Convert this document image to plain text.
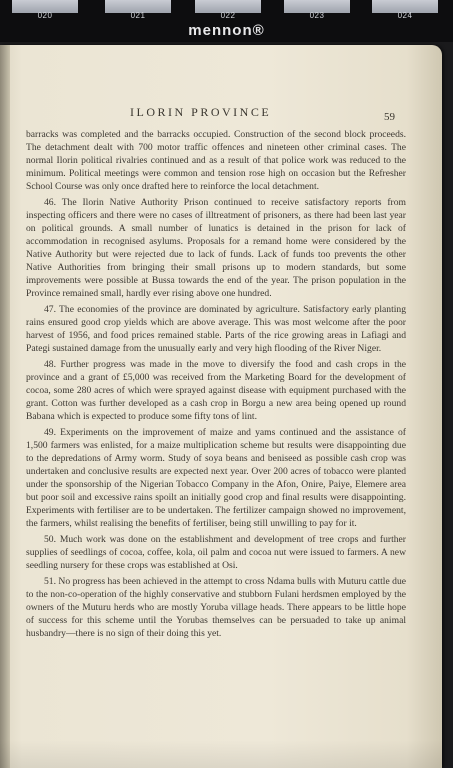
020	021	022	023	024
mennon®
ILORIN PROVINCE	59

barracks was completed and the barracks occupied. Construction of the second block proceeds. The detachment dealt with 700 motor traffic offences and nineteen other criminal cases. The normal Ilorin political rivalries continued and as a result of that police work was reduced to the minimum. Political meetings were common and tension rose high on occasion but the Refresher School Course was only once drafted here to reinforce the local detachment.

46. The Ilorin Native Authority Prison continued to receive satisfactory reports from inspecting officers and there were no cases of illtreatment of prisoners, as there had been last year on political grounds. A small number of lunatics is detained in the prison for lack of accommodation in recognised asylums. Proposals for a remand home were considered by the Native Authority but were rejected due to lack of funds. Lack of funds too prevents the other Native Authorities from bringing their small prisons up to modern standards, but some improvements were possible at Bussa towards the end of the year. The prison population in the Province remained small, hardly ever rising above one hundred.

47. The economies of the province are dominated by agriculture. Satisfactory early planting rains ensured good crop yields which are above average. This was most welcome after the poor harvest of 1956, and food prices remained stable. Parts of the rice growing areas in Lafiagi and Pategi sustained damage from the unusually early and very high flooding of the River Niger.

48. Further progress was made in the move to diversify the food and cash crops in the province and a grant of £5,000 was received from the Marketing Board for the development of cocoa, some 280 acres of which were sprayed against disease with equipment purchased with the grant. Cotton was further developed as a cash crop in Borgu a new area being opened up round Babana which is expected to produce some fifty tons of lint.

49. Experiments on the improvement of maize and yams continued and the assistance of 1,500 farmers was enlisted, for a maize multiplication scheme but results were disappointing due to the depredations of Army worm. Study of soya beans and beniseed as possible cash crop was undertaken and conclusive results are expected next year. Over 200 acres of tobacco were planted under the sponsorship of the Nigerian Tobacco Company in the Afon, Onire, Paiye, Elemere area but poor soil and excessive rains spoilt an initially good crop and final results were disappointing. Experiments with fertiliser are to be undertaken. The fertilizer campaign showed no improvement, the farmers, whilst realising the benefits of fertiliser, being still unwilling to pay for it.

50. Much work was done on the establishment and development of tree crops and further supplies of seedlings of cocoa, coffee, kola, oil palm and cocoa nut were issued to farmers. A new seedling nursery for these crops was established at Osi.

51. No progress has been achieved in the attempt to cross Ndama bulls with Muturu cattle due to the non-co-operation of the highly conservative and stubborn Fulani herdsmen employed by the owners of the Muturu herds who are mostly Yoruba village heads. There appears to be little hope of success for this scheme until the Yorubas themselves can be persuaded to take up animal husbandry—there is no sign of their doing this yet.
